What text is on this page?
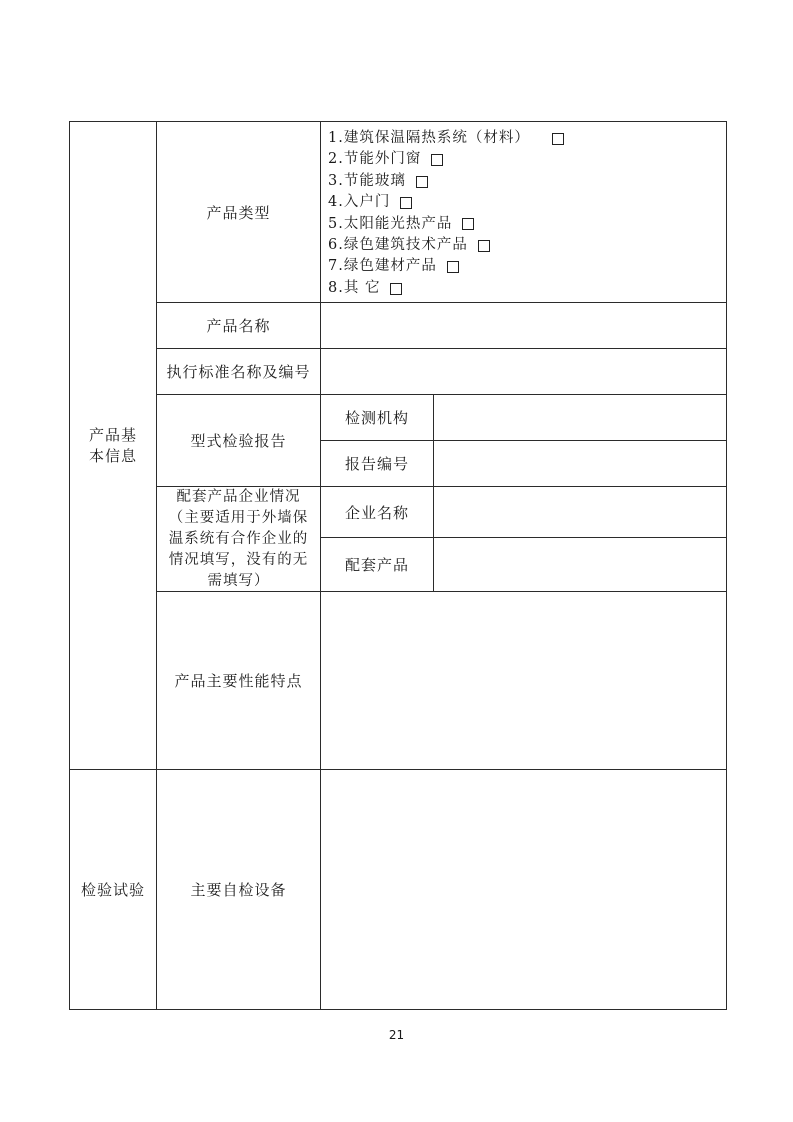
产品基本信息
检验试验
产品类型
产品名称
执行标准名称及编号
型式检验报告
配套产品企业情况（主要适用于外墙保温系统有合作企业的情况填写，没有的无需填写）
产品主要性能特点
主要自检设备
检测机构
报告编号
企业名称
配套产品
1.建筑保温隔热系统（材料）
2.节能外门窗
3.节能玻璃
4.入户门
5.太阳能光热产品
6.绿色建筑技术产品
7.绿色建材产品
8.其 它
21
